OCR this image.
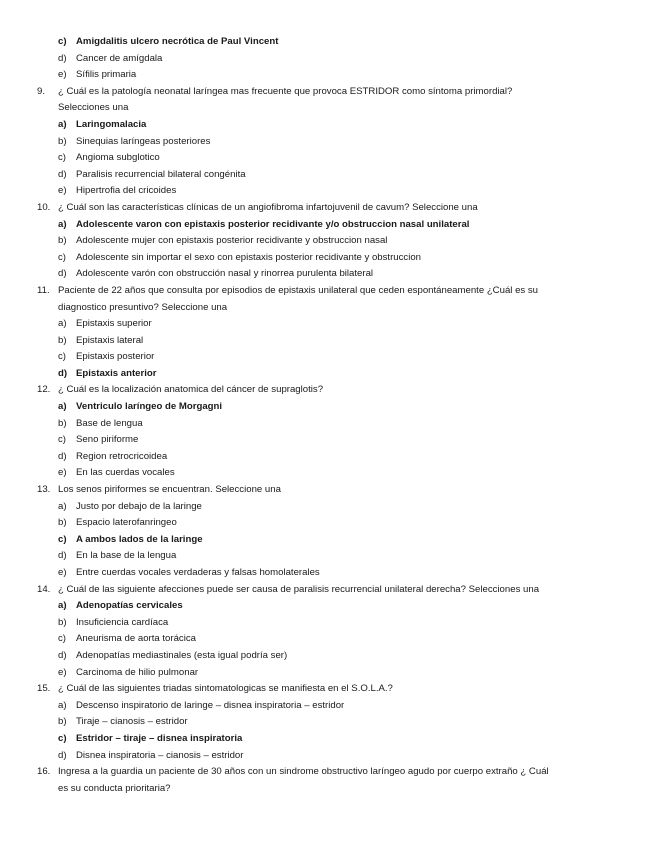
c) Amigdalitis ulcero necrótica de Paul Vincent
d) Cancer de amígdala
e) Sífilis primaria
9. ¿ Cuál es la patología neonatal laríngea mas frecuente que provoca ESTRIDOR como síntoma primordial?
Selecciones una
a) Laringomalacia
b) Sinequias laríngeas posteriores
c) Angioma subglotico
d) Paralisis recurrencial bilateral congénita
e) Hipertrofia del cricoides
10. ¿ Cuál son las características clínicas de un angiofibroma infartojuvenil de cavum? Seleccione una
a) Adolescente varon con epistaxis posterior recidivante y/o obstruccion nasal unilateral
b) Adolescente mujer con epistaxis posterior recidivante y obstruccion nasal
c) Adolescente sin importar el sexo con epistaxis posterior recidivante y obstruccion
d) Adolescente varón con obstrucción nasal y rinorrea purulenta bilateral
11. Paciente de 22 años que consulta por episodios de epistaxis unilateral que ceden espontáneamente ¿Cuál es su
diagnostico presuntivo? Seleccione una
a) Epistaxis superior
b) Epistaxis lateral
c) Epistaxis posterior
d) Epistaxis anterior
12. ¿ Cuál es la localización anatomica del cáncer de supraglotis?
a) Ventriculo laríngeo de Morgagni
b) Base de lengua
c) Seno piriforme
d) Region retrocricoidea
e) En las cuerdas vocales
13. Los senos piriformes se encuentran. Seleccione una
a) Justo por debajo de la laringe
b) Espacio laterofanringeo
c) A ambos lados de la laringe
d) En la base de la lengua
e) Entre cuerdas vocales verdaderas y falsas homolaterales
14. ¿ Cuál de las siguiente afecciones puede ser causa de paralisis recurrencial unilateral derecha? Selecciones una
a) Adenopatías cervicales
b) Insuficiencia cardíaca
c) Aneurisma de aorta torácica
d) Adenopatías mediastinales (esta igual podría ser)
e) Carcinoma de hilio pulmonar
15. ¿ Cuál de las siguientes triadas sintomatologicas se manifiesta en el S.O.L.A.?
a) Descenso inspiratorio de laringe – disnea inspiratoria – estridor
b) Tiraje – cianosis – estridor
c) Estridor – tiraje – disnea inspiratoria
d) Disnea inspiratoria – cianosis – estridor
16. Ingresa a la guardia un paciente de 30 años con un sindrome obstructivo laríngeo agudo por cuerpo extraño ¿ Cuál
es su conducta prioritaria?
